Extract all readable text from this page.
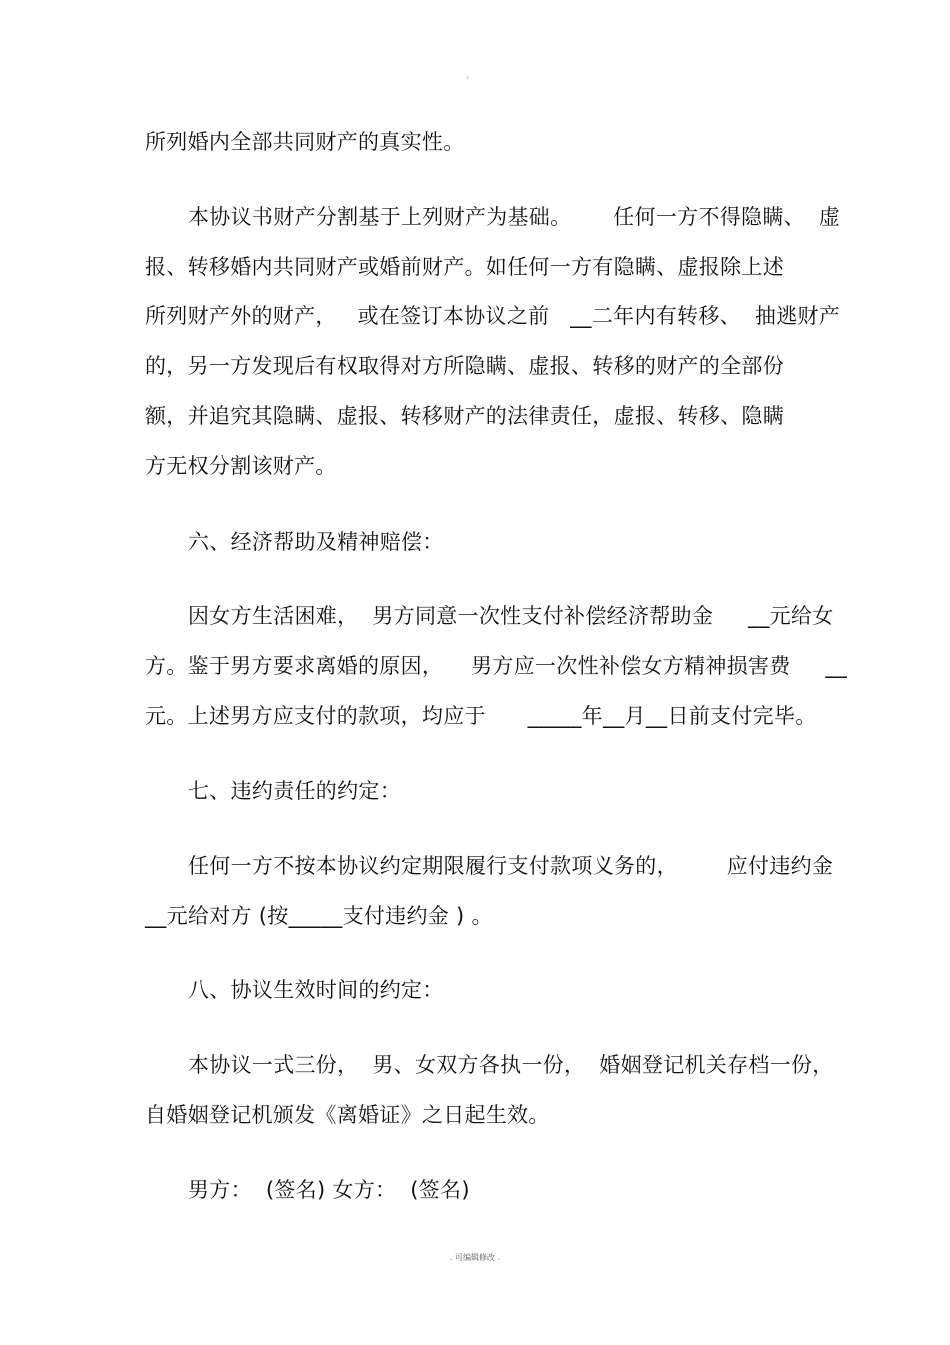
。
所列婚内全部共同财产的真实性。
本协议书财产分割基于上列财产为基础。      任何一方不得隐瞒、  虚
报、转移婚内共同财产或婚前财产。如任何一方有隐瞒、虚报除上述
所列财产外的财产，   或在签订本协议之前   __二年内有转移、  抽逃财产
的，另一方发现后有权取得对方所隐瞒、虚报、转移的财产的全部份
额，并追究其隐瞒、虚报、转移财产的法律责任，虚报、转移、隐瞒
方无权分割该财产。
六、经济帮助及精神赔偿：
因女方生活困难，  男方同意一次性支付补偿经济帮助金     __元给女
方。鉴于男方要求离婚的原因，    男方应一次性补偿女方精神损害费     __
元。上述男方应支付的款项，均应于      _____年__月__日前支付完毕。
七、违约责任的约定：
任何一方不按本协议约定期限履行支付款项义务的，       应付违约金
__元给对方 (按_____支付违约金 ) 。
八、协议生效时间的约定：
本协议一式三份，  男、女双方各执一份，  婚姻登记机关存档一份，
自婚姻登记机颁发《离婚证》之日起生效。
男方：  (签名) 女方：  (签名)
. 可编辑修改 .
